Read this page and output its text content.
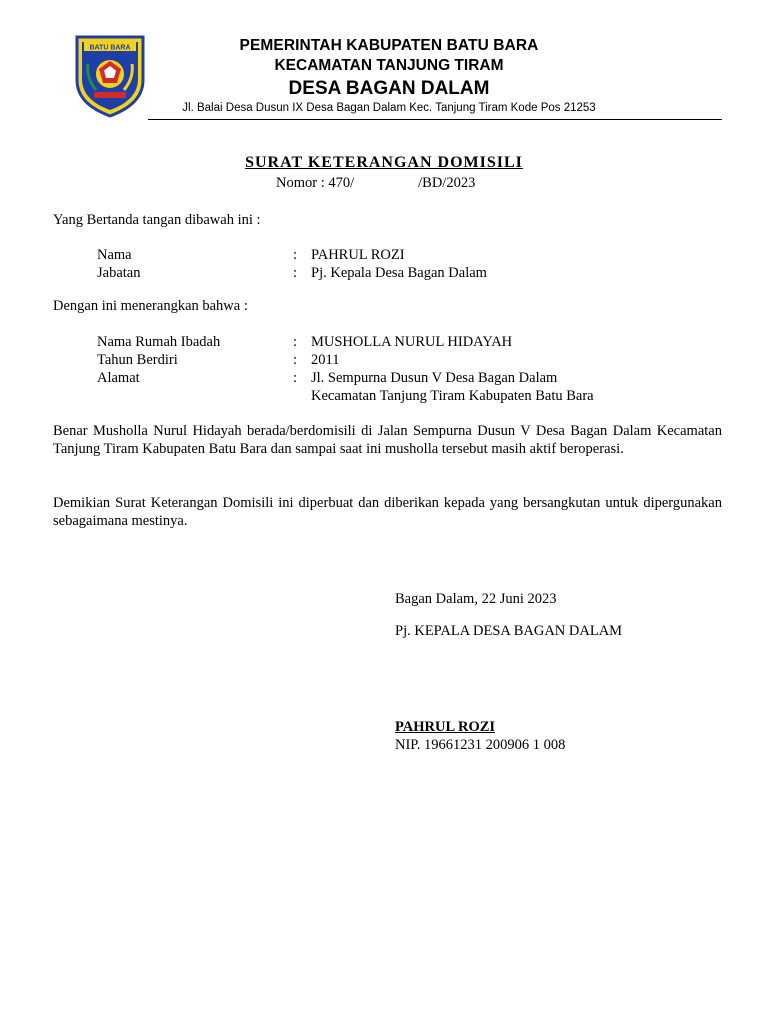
BATU BARA	PEMERINTAH KABUPATEN BATU BARA
KECAMATAN TANJUNG TIRAM
DESA BAGAN DALAM
Jl. Balai Desa Dusun IX Desa Bagan Dalam Kec. Tanjung Tiram Kode Pos 21253
SURAT KETERANGAN DOMISILI
Nomor : 470/	/BD/2023
Yang Bertanda tangan dibawah ini :
Nama	: PAHRUL ROZI
Jabatan	: Pj. Kepala Desa Bagan Dalam
Dengan ini menerangkan bahwa :
Nama Rumah Ibadah	: MUSHOLLA NURUL HIDAYAH
Tahun Berdiri	: 2011
Alamat	: Jl. Sempurna Dusun V Desa Bagan Dalam
Kecamatan Tanjung Tiram Kabupaten Batu Bara
Benar Musholla Nurul Hidayah berada/berdomisili di Jalan Sempurna Dusun V Desa Bagan Dalam Kecamatan Tanjung Tiram Kabupaten Batu Bara dan sampai saat ini musholla tersebut masih aktif beroperasi.
Demikian Surat Keterangan Domisili ini diperbuat dan diberikan kepada yang bersangkutan untuk dipergunakan sebagaimana mestinya.
Bagan Dalam, 22 Juni 2023
Pj. KEPALA DESA BAGAN DALAM
PAHRUL ROZI
NIP. 19661231 200906 1 008
